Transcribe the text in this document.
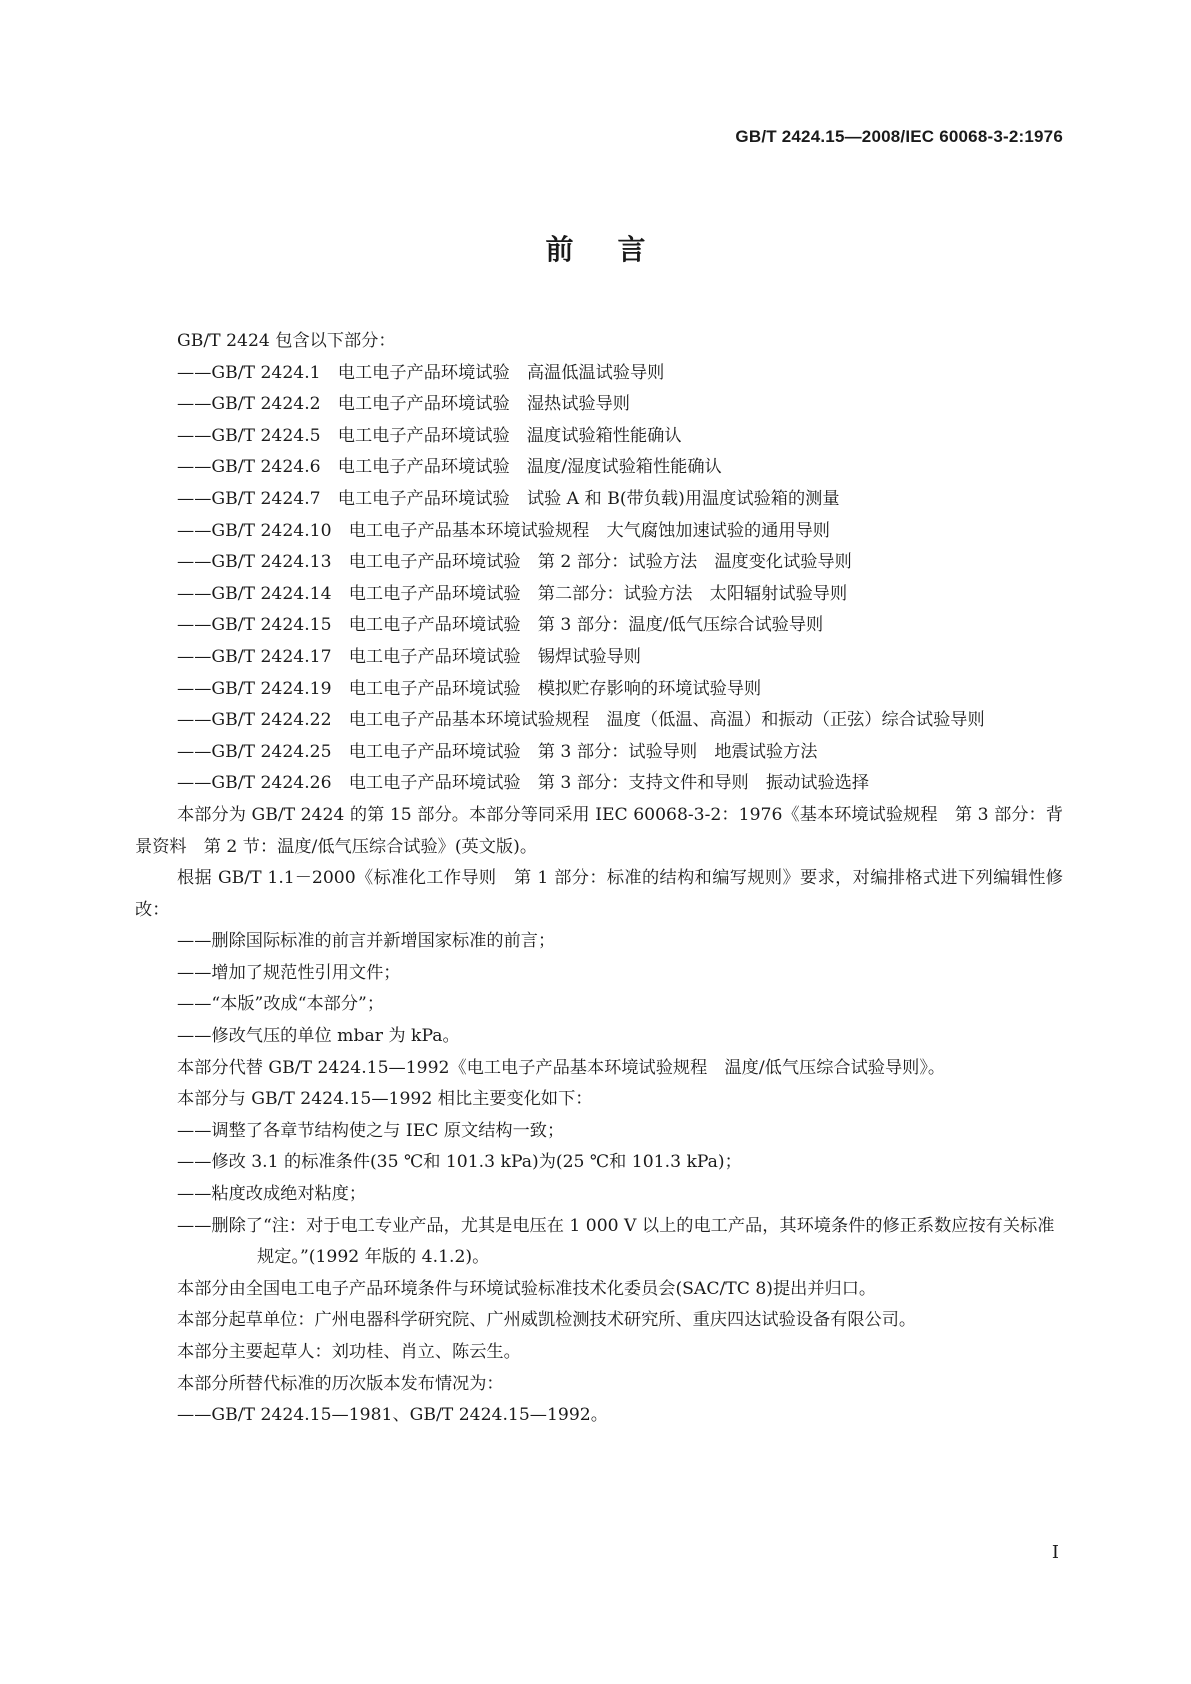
GB/T 2424.15—2008/IEC 60068-3-2:1976
前言

GB/T 2424 包含以下部分：

——GB/T 2424.1　电工电子产品环境试验　高温低温试验导则

——GB/T 2424.2　电工电子产品环境试验　湿热试验导则

——GB/T 2424.5　电工电子产品环境试验　温度试验箱性能确认

——GB/T 2424.6　电工电子产品环境试验　温度/湿度试验箱性能确认

——GB/T 2424.7　电工电子产品环境试验　试验 A 和 B(带负载)用温度试验箱的测量

——GB/T 2424.10　电工电子产品基本环境试验规程　大气腐蚀加速试验的通用导则

——GB/T 2424.13　电工电子产品环境试验　第 2 部分：试验方法　温度变化试验导则

——GB/T 2424.14　电工电子产品环境试验　第二部分：试验方法　太阳辐射试验导则

——GB/T 2424.15　电工电子产品环境试验　第 3 部分：温度/低气压综合试验导则

——GB/T 2424.17　电工电子产品环境试验　锡焊试验导则

——GB/T 2424.19　电工电子产品环境试验　模拟贮存影响的环境试验导则

——GB/T 2424.22　电工电子产品基本环境试验规程　温度（低温、高温）和振动（正弦）综合试验导则

——GB/T 2424.25　电工电子产品环境试验　第 3 部分：试验导则　地震试验方法

——GB/T 2424.26　电工电子产品环境试验　第 3 部分：支持文件和导则　振动试验选择

本部分为 GB/T 2424 的第 15 部分。本部分等同采用 IEC 60068-3-2：1976《基本环境试验规程　第 3 部分：背景资料　第 2 节：温度/低气压综合试验》(英文版)。

根据 GB/T 1.1－2000《标准化工作导则　第 1 部分：标准的结构和编写规则》要求，对编排格式进下列编辑性修改：

——删除国际标准的前言并新增国家标准的前言；

——增加了规范性引用文件；

——“本版”改成“本部分”；

——修改气压的单位 mbar 为 kPa。

本部分代替 GB/T 2424.15—1992《电工电子产品基本环境试验规程　温度/低气压综合试验导则》。

本部分与 GB/T 2424.15—1992 相比主要变化如下：

——调整了各章节结构使之与 IEC 原文结构一致；

——修改 3.1 的标准条件(35 ℃和 101.3 kPa)为(25 ℃和 101.3 kPa)；

——粘度改成绝对粘度；

——删除了“注：对于电工专业产品，尤其是电压在 1 000 V 以上的电工产品，其环境条件的修正系数应按有关标准规定。”(1992 年版的 4.1.2)。

本部分由全国电工电子产品环境条件与环境试验标准技术化委员会(SAC/TC 8)提出并归口。

本部分起草单位：广州电器科学研究院、广州威凯检测技术研究所、重庆四达试验设备有限公司。

本部分主要起草人：刘功桂、肖立、陈云生。

本部分所替代标准的历次版本发布情况为：

——GB/T 2424.15—1981、GB/T 2424.15—1992。

I
